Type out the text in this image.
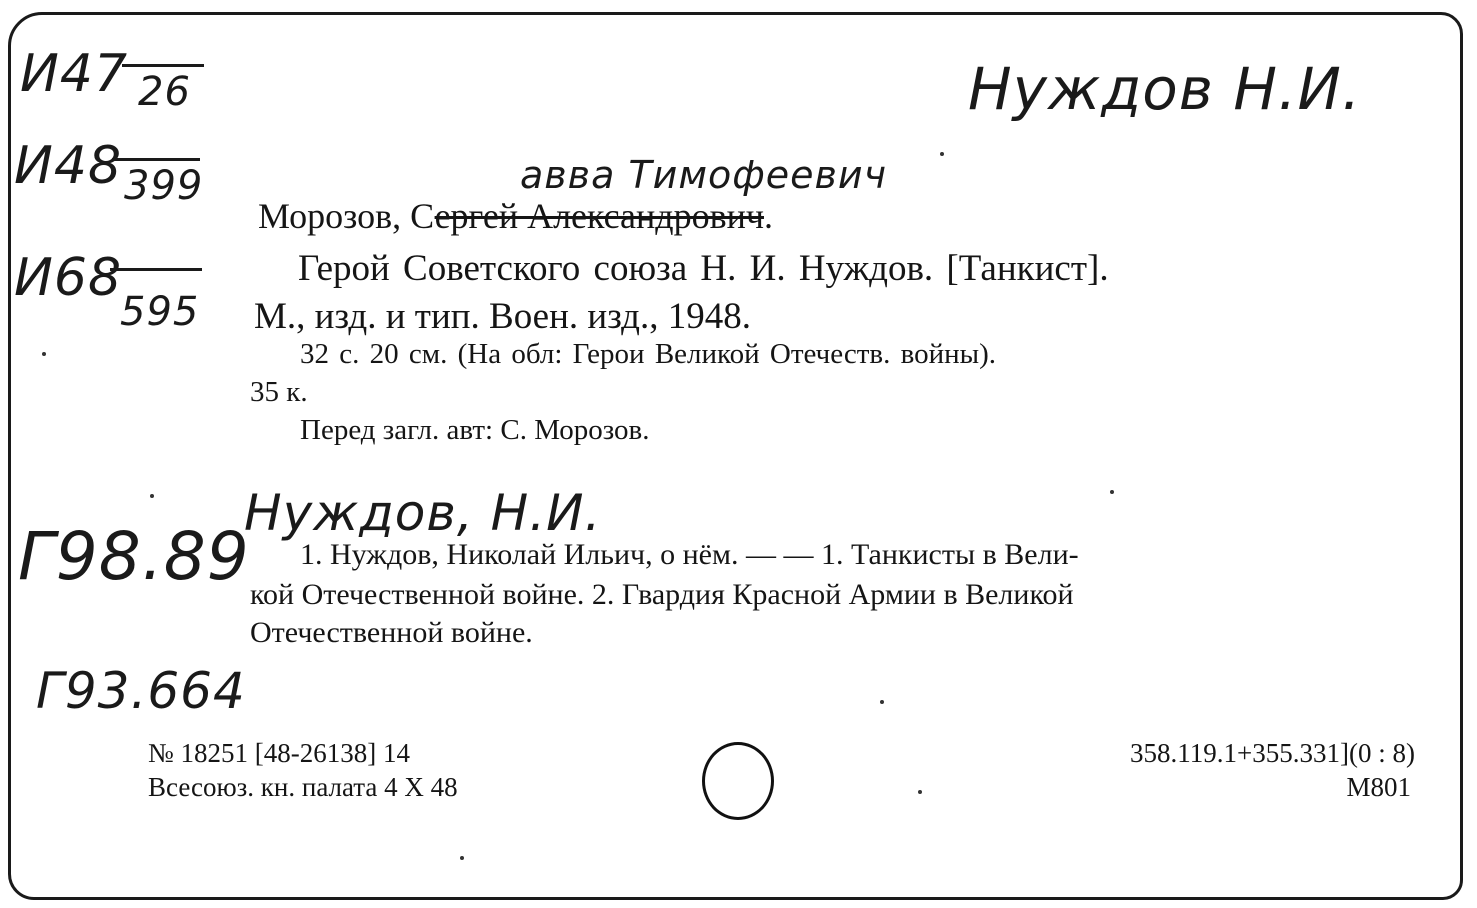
И47 26
И48 399
И68
595
Нуждов Н.И.
авва Тимофеевич
Морозов, Сергей Александрович.
Герой Советского союза Н. И. Нуждов. [Танкист].
М., изд. и тип. Воен. изд., 1948.
32 с. 20 см. (На обл: Герои Великой Отечеств. войны).
35 к.
Перед загл. авт: С. Морозов.
Г98.89
Нуждов, Н.И.
1. Нуждов, Николай Ильич, о нём. — — 1. Танкисты в Вели-
кой Отечественной войне. 2. Гвардия Красной Армии в Великой
Отечественной войне.
Г93.664
№ 18251 [48-26138] 14
Всесоюз. кн. палата 4 X 48
358.119.1+355.331](0 : 8)
М801
